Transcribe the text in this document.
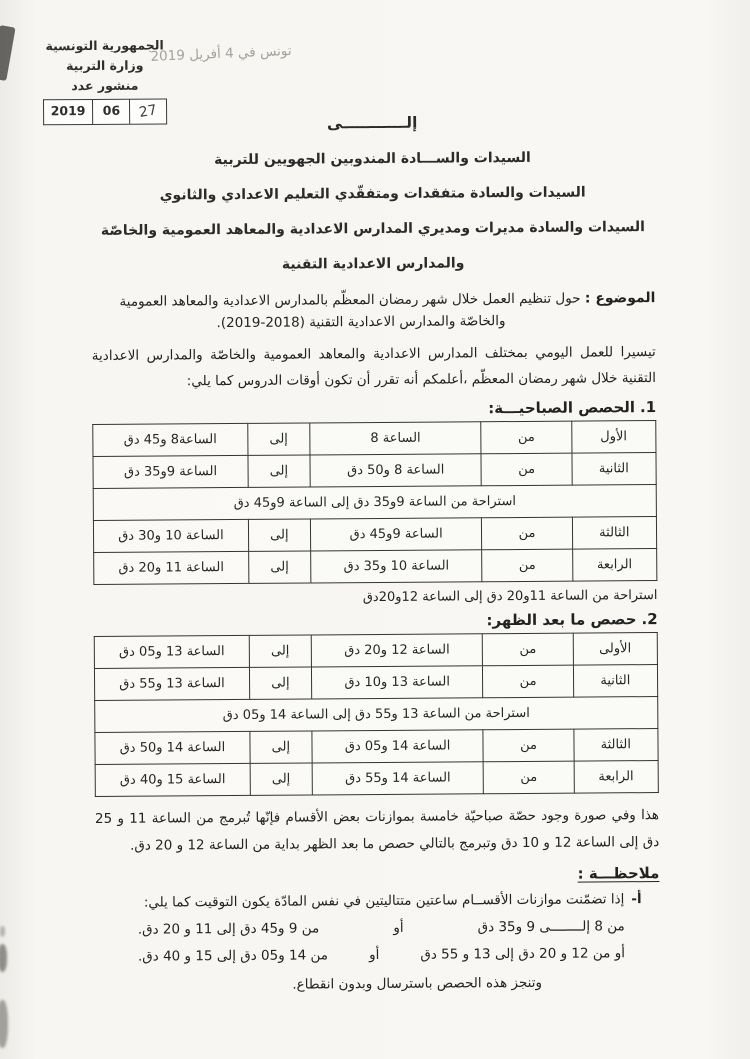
تونس في 4 أفريل 2019
الجمهورية التونسية
وزارة التربية
منشور عدد
27
06
2019
إلــــــــــــى
السيدات والســـادة المندوبين الجهويين للتربية
السيدات والسادة متفقدات ومتفقّدي التعليم الاعدادي والثانوي
السيدات والسادة مديرات ومديري المدارس الاعدادية والمعاهد العمومية والخاصّة
والمدارس الاعدادية التقنية
الموضوع : حول تنظيم العمل خلال شهر رمضان المعظّم بالمدارس الاعدادية والمعاهد العمومية
والخاصّة والمدارس الاعدادية التقنية (2018-2019).
تيسيرا للعمل اليومي بمختلف المدارس الاعدادية والمعاهد العمومية والخاصّة والمدارس الاعدادية التقنية خلال شهر رمضان المعظّم ،أعلمكم أنه تقرر أن تكون أوقات الدروس كما يلي:
1.
الحصص الصباحيـــة:
الأول	من	الساعة 8	إلى	الساعة8 و45 دق
الثانية	من	الساعة 8 و50 دق	إلى	الساعة 9و35 دق
استراحة من الساعة 9و35 دق إلى الساعة 9و45 دق				
الثالثة	من	الساعة 9و45 دق	إلى	الساعة 10 و30 دق
الرابعة	من	الساعة 10 و35 دق	إلى	الساعة 11 و20 دق
استراحة من الساعة 11و20 دق إلى الساعة 12و20دق
2.
حصص ما بعد الظهر:
الأولى	من	الساعة 12 و20 دق	إلى	الساعة 13 و05 دق
الثانية	من	الساعة 13 و10 دق	إلى	الساعة 13 و55 دق
استراحة من الساعة 13 و55 دق إلى الساعة 14 و05 دق				
الثالثة	من	الساعة 14 و05 دق	إلى	الساعة 14 و50 دق
الرابعة	من	الساعة 14 و55 دق	إلى	الساعة 15 و40 دق
هذا وفي صورة وجود حصّة صباحيّة خامسة بموازنات بعض الأقسام فإنّها تُبرمج من الساعة 11 و 25 دق إلى الساعة 12 و 10 دق وتبرمج بالتالي حصص ما بعد الظهر بداية من الساعة 12 و 20 دق.
ملاحظـــة :
أ-
إذا تضمّنت موازنات الأقســام ساعتين متتاليتين في نفس المادّة يكون التوقيت كما يلي:
من 8 إلــــــــى 9 و35 دق
أو
من 9 و45 دق إلى 11 و 20 دق.
أو من 12 و 20 دق إلى 13 و 55 دق
أو
من 14 و05 دق إلى 15 و 40 دق.
وتنجز هذه الحصص باسترسال وبدون انقطاع.
